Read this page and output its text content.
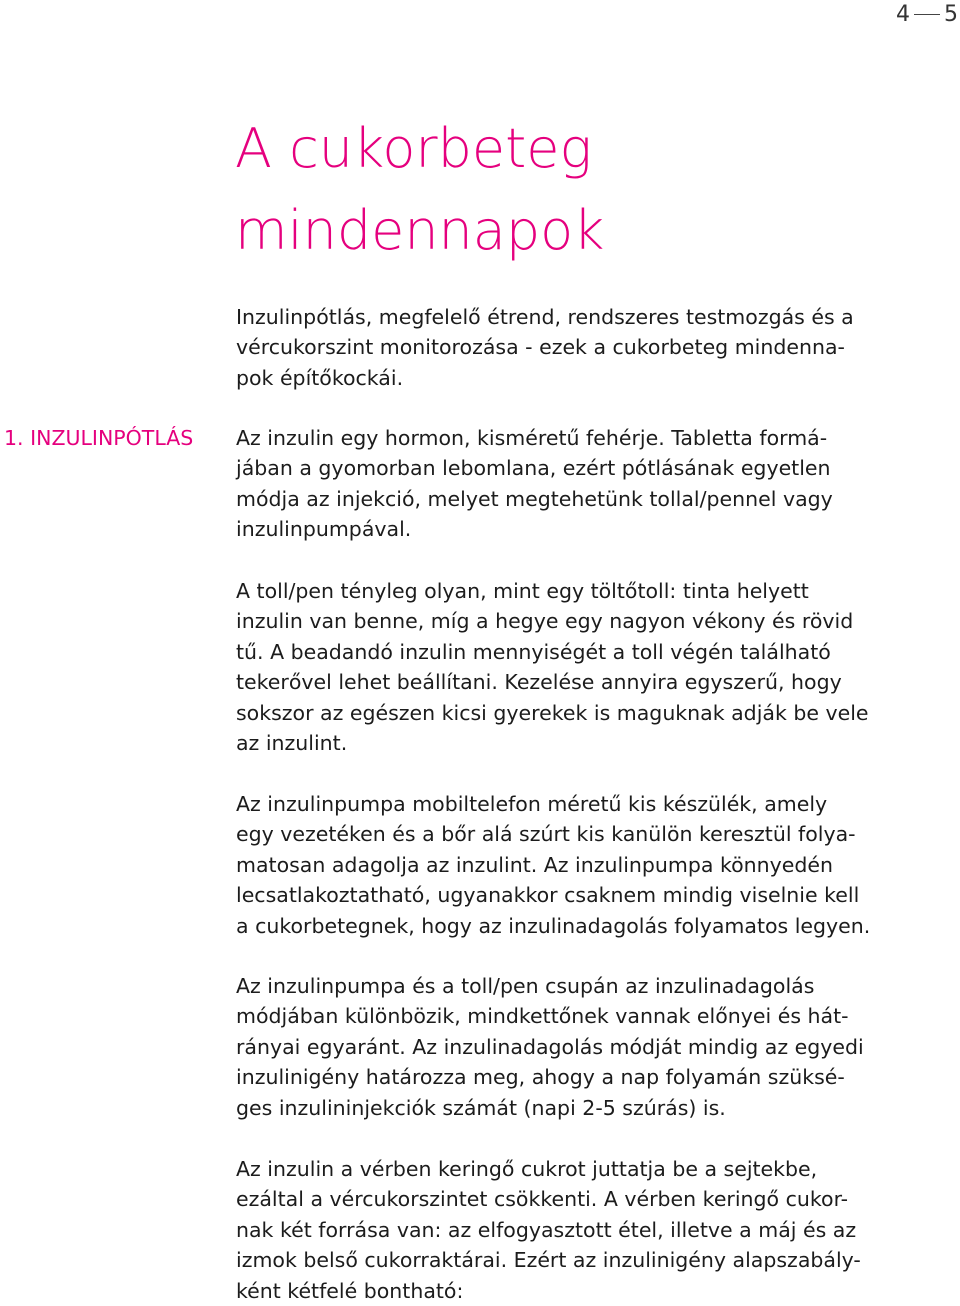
4 5
A cukorbeteg
mindennapok
Inzulinpótlás, megfelelő étrend, rendszeres testmozgás és a
vércukorszint monitorozása - ezek a cukorbeteg mindenna-
pok építőkockái.
1. INZULINPÓTLÁS Az inzulin egy hormon, kisméretű fehérje. Tabletta formá-
jában a gyomorban lebomlana, ezért pótlásának egyetlen
módja az injekció, melyet megtehetünk tollal/pennel vagy
inzulinpumpával.
A toll/pen tényleg olyan, mint egy töltőtoll: tinta helyett
inzulin van benne, míg a hegye egy nagyon vékony és rövid
tű. A beadandó inzulin mennyiségét a toll végén található
tekerővel lehet beállítani. Kezelése annyira egyszerű, hogy
sokszor az egészen kicsi gyerekek is maguknak adják be vele
az inzulint.
Az inzulinpumpa mobiltelefon méretű kis készülék, amely
egy vezetéken és a bőr alá szúrt kis kanülön keresztül folya-
matosan adagolja az inzulint. Az inzulinpumpa könnyedén
lecsatlakoztatható, ugyanakkor csaknem mindig viselnie kell
a cukorbetegnek, hogy az inzulinadagolás folyamatos legyen.
Az inzulinpumpa és a toll/pen csupán az inzulinadagolás
módjában különbözik, mindkettőnek vannak előnyei és hát-
rányai egyaránt. Az inzulinadagolás módját mindig az egyedi
inzulinigény határozza meg, ahogy a nap folyamán szüksé-
ges inzulininjekciók számát (napi 2-5 szúrás) is.
Az inzulin a vérben keringő cukrot juttatja be a sejtekbe,
ezáltal a vércukorszintet csökkenti. A vérben keringő cukor-
nak két forrása van: az elfogyasztott étel, illetve a máj és az
izmok belső cukorraktárai. Ezért az inzulinigény alapszabály-
ként kétfelé bontható:
